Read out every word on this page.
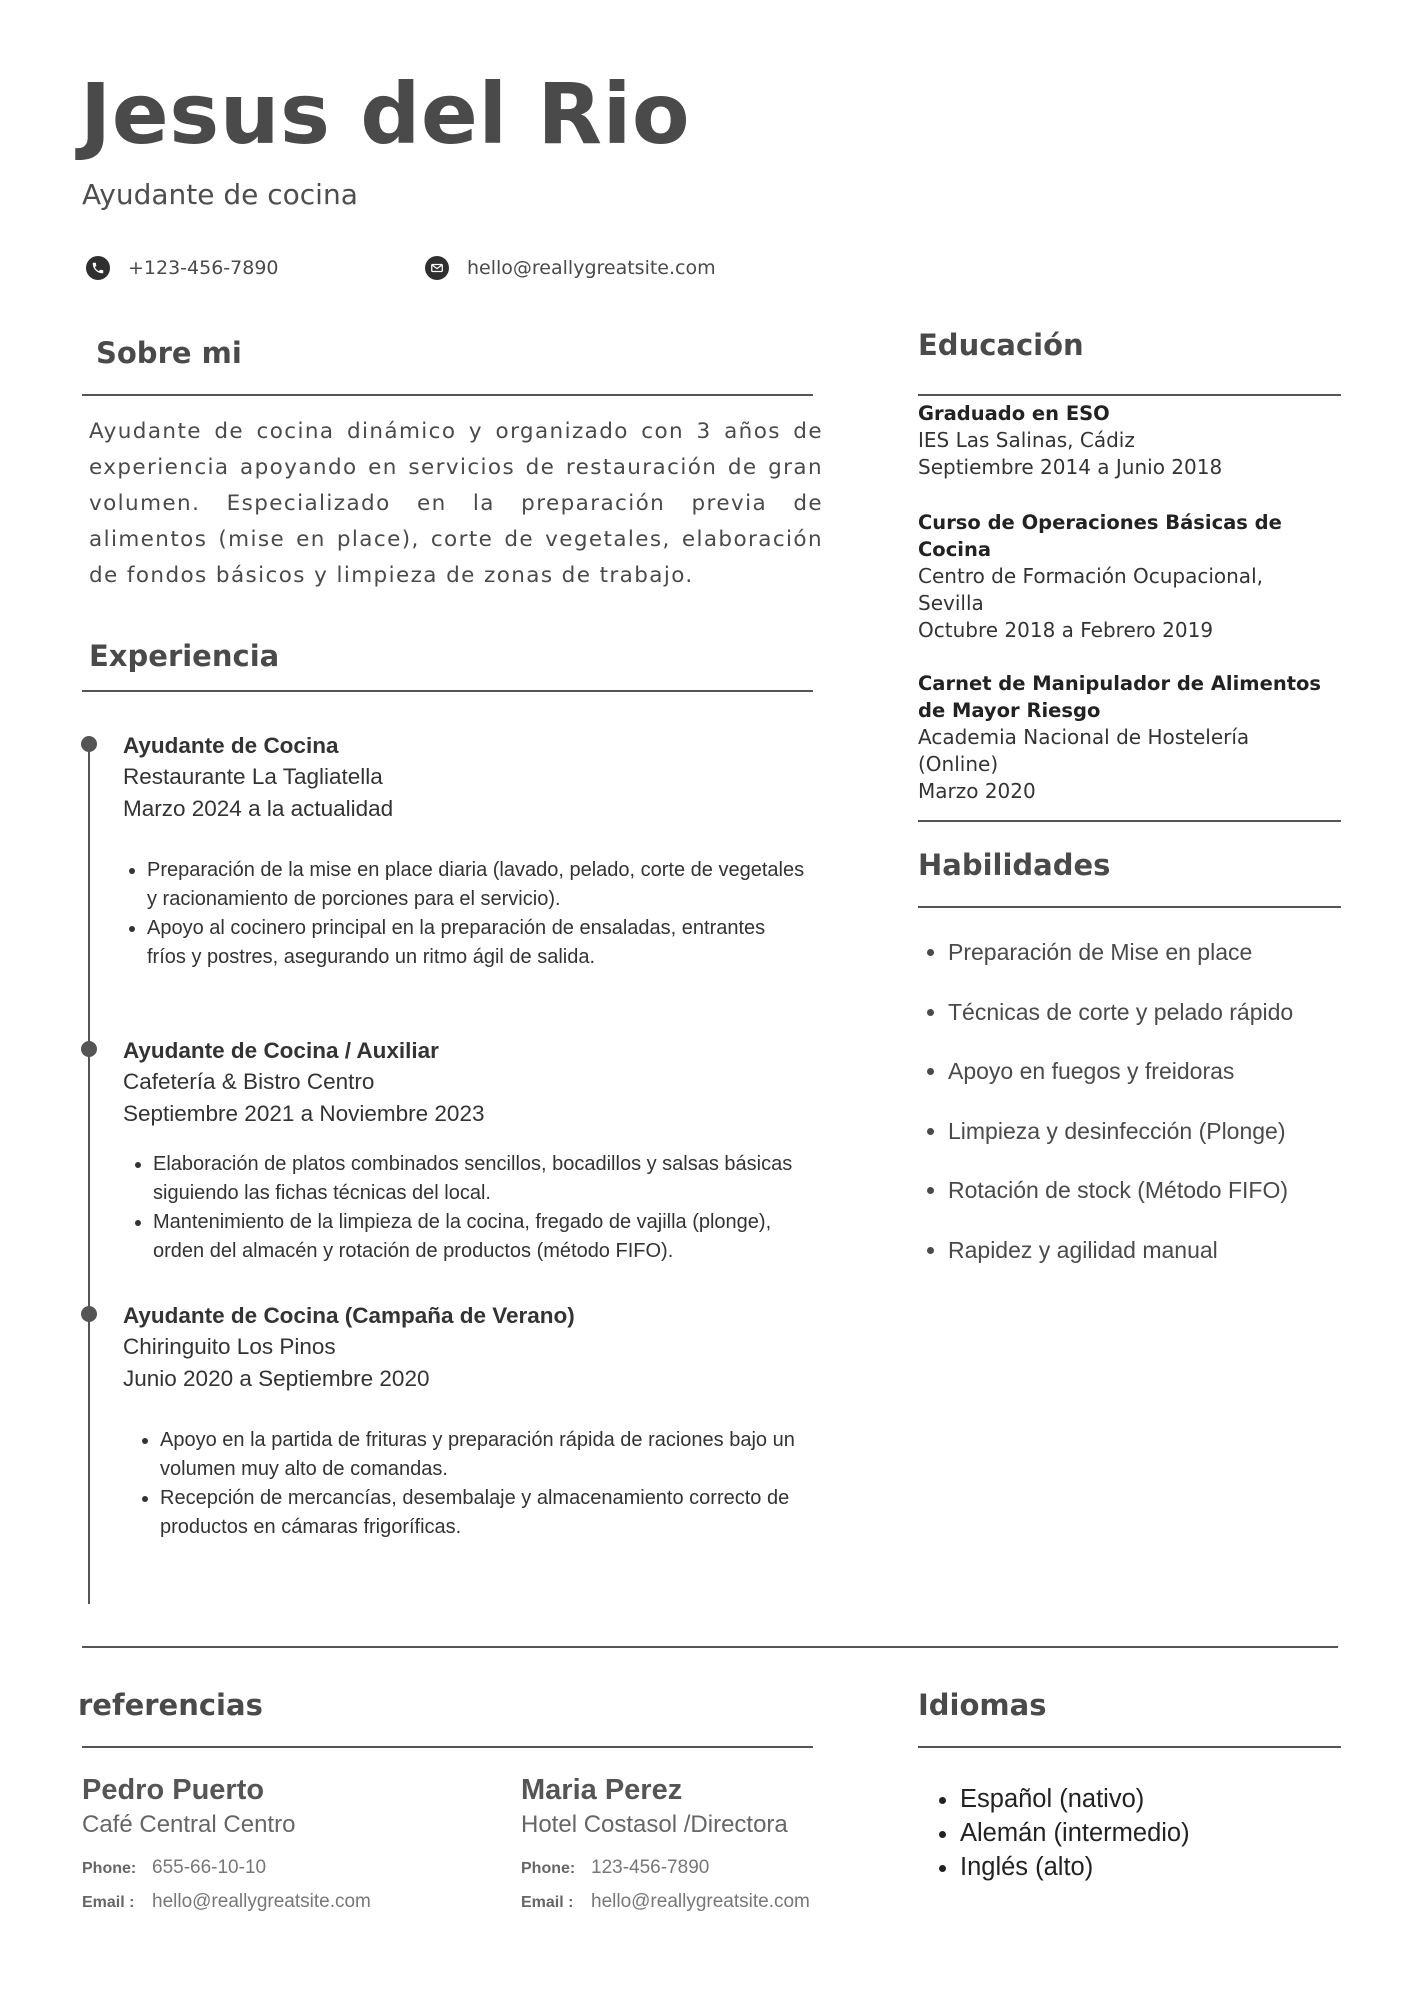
Jesus del Rio
Ayudante de cocina
+123-456-7890	hello@reallygreatsite.com
Sobre mi
Ayudante de cocina dinámico y organizado con 3 años de experiencia apoyando en servicios de restauración de gran volumen. Especializado en la preparación previa de alimentos (mise en place), corte de vegetales, elaboración de fondos básicos y limpieza de zonas de trabajo.
Experiencia
Ayudante de Cocina
Restaurante La Tagliatella
Marzo 2024 a la actualidad
• Preparación de la mise en place diaria (lavado, pelado, corte de vegetales y racionamiento de porciones para el servicio).
• Apoyo al cocinero principal en la preparación de ensaladas, entrantes fríos y postres, asegurando un ritmo ágil de salida.
Ayudante de Cocina / Auxiliar
Cafetería & Bistro Centro
Septiembre 2021 a Noviembre 2023
• Elaboración de platos combinados sencillos, bocadillos y salsas básicas siguiendo las fichas técnicas del local.
• Mantenimiento de la limpieza de la cocina, fregado de vajilla (plonge), orden del almacén y rotación de productos (método FIFO).
Ayudante de Cocina (Campaña de Verano)
Chiringuito Los Pinos
Junio 2020 a Septiembre 2020
• Apoyo en la partida de frituras y preparación rápida de raciones bajo un volumen muy alto de comandas.
• Recepción de mercancías, desembalaje y almacenamiento correcto de productos en cámaras frigoríficas.
Educación
Graduado en ESO
IES Las Salinas, Cádiz
Septiembre 2014 a Junio 2018
Curso de Operaciones Básicas de Cocina
Centro de Formación Ocupacional, Sevilla
Octubre 2018 a Febrero 2019
Carnet de Manipulador de Alimentos de Mayor Riesgo
Academia Nacional de Hostelería (Online)
Marzo 2020
Habilidades
• Preparación de Mise en place
• Técnicas de corte y pelado rápido
• Apoyo en fuegos y freidoras
• Limpieza y desinfección (Plonge)
• Rotación de stock (Método FIFO)
• Rapidez y agilidad manual
referencias
Pedro Puerto
Café Central Centro
Phone: 655-66-10-10
Email : hello@reallygreatsite.com
Maria Perez
Hotel Costasol /Directora
Phone: 123-456-7890
Email : hello@reallygreatsite.com
Idiomas
• Español (nativo)
• Alemán (intermedio)
• Inglés (alto)
